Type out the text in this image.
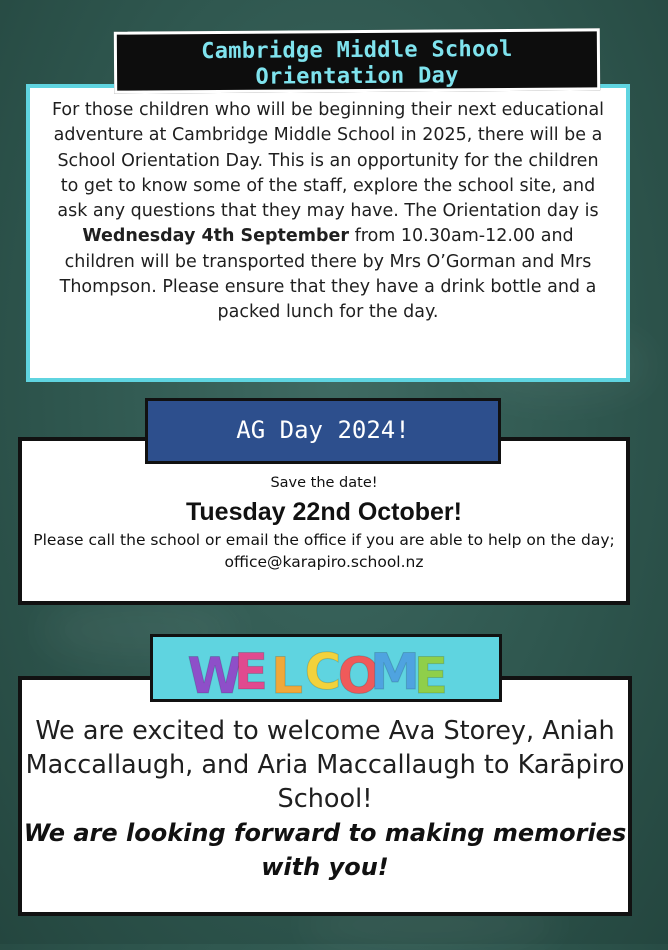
For those children who will be beginning their next educational adventure at Cambridge Middle School in 2025, there will be a School Orientation Day. This is an opportunity for the children to get to know some of the staff, explore the school site, and ask any questions that they may have. The Orientation day is Wednesday 4th September from 10.30am-12.00 and children will be transported there by Mrs O’Gorman and Mrs Thompson. Please ensure that they have a drink bottle and a packed lunch for the day.

Cambridge Middle School
Orientation Day
Save the date!
Tuesday 22nd October!
Please call the school or email the office if you are able to help on the day; office@karapiro.school.nz
AG Day 2024!
We are excited to welcome Ava Storey, Aniah Maccallaugh, and Aria Maccallaugh to Karāpiro School!
We are looking forward to making memories with you!
W
E L C
O
M
E
